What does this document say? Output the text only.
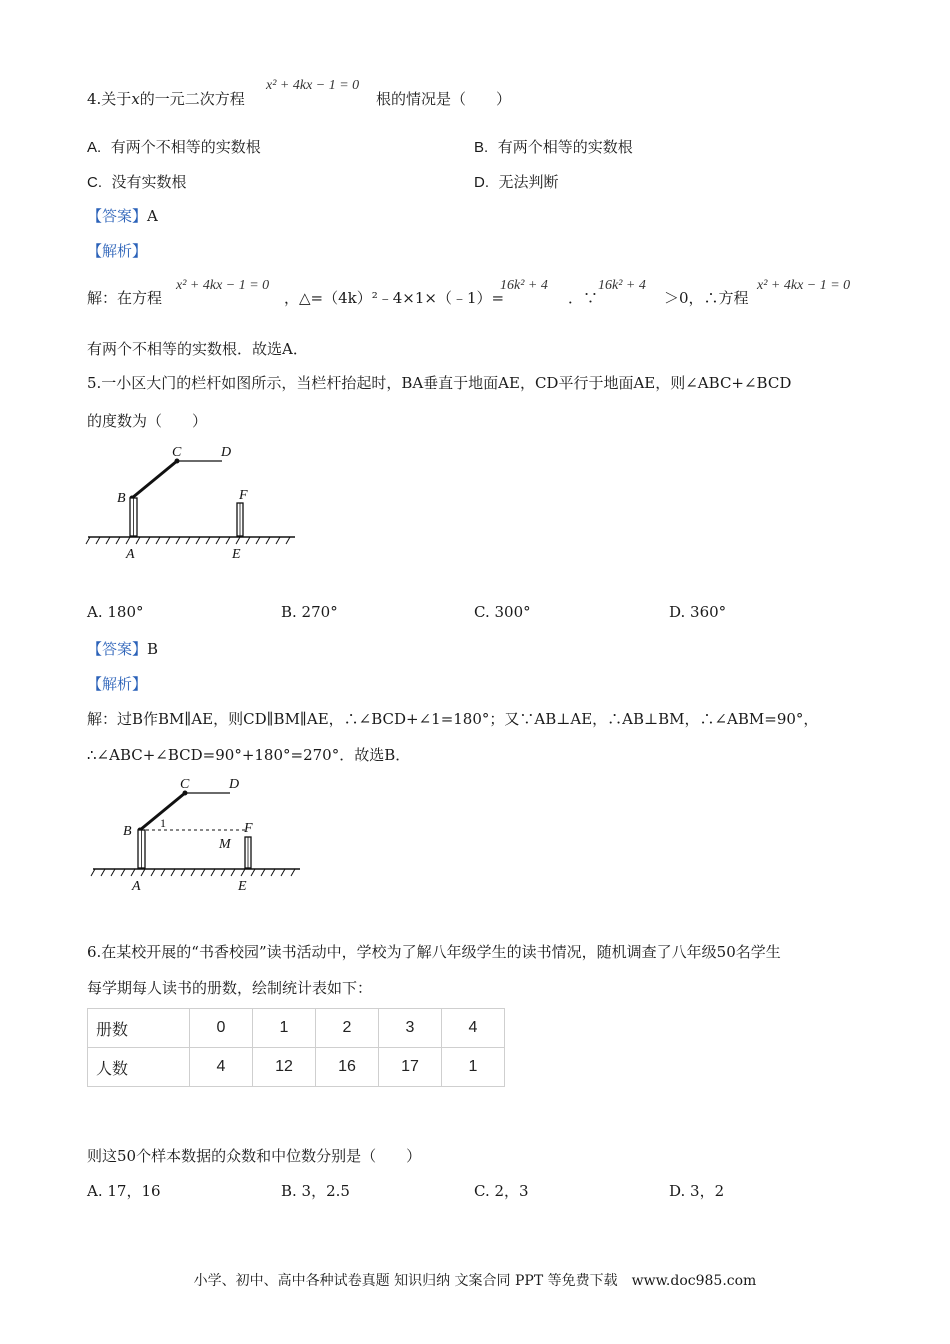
4.关于x的一元二次方程
x² + 4kx − 1 = 0
根的情况是（　　）
A. 有两个不相等的实数根	B. 有两个相等的实数根
C. 没有实数根	D. 无法判断
【答案】A
【解析】
解：在方程
x² + 4kx − 1 = 0
，△=（4k）²﹣4×1×（﹣1）=
16k² + 4
．∵
16k² + 4
＞0，∴方程
x² + 4kx − 1 = 0
有两个不相等的实数根．故选A．
5.一小区大门的栏杆如图所示，当栏杆抬起时，BA垂直于地面AE，CD平行于地面AE，则∠ABC+∠BCD
的度数为（　　）
C	D
B	F
A	E
A. 180°	B. 270°	C. 300°	D. 360°
【答案】B
【解析】
解：过B作BM∥AE，则CD∥BM∥AE，∴∠BCD+∠1=180°；又∵AB⊥AE，∴AB⊥BM，∴∠ABM=90°，
∴∠ABC+∠BCD=90°+180°=270°．故选B．
C	D
B
1	F
M
A	E
6.在某校开展的“书香校园”读书活动中，学校为了解八年级学生的读书情况，随机调查了八年级50名学生
每学期每人读书的册数，绘制统计表如下：
册数	0	1	2	3	4
人数	4	12	16	17	1
则这50个样本数据的众数和中位数分别是（　　）
A. 17，16	B. 3，2.5	C. 2，3	D. 3，2
小学、初中、高中各种试卷真题 知识归纳 文案合同 PPT 等免费下载　www.doc985.com
